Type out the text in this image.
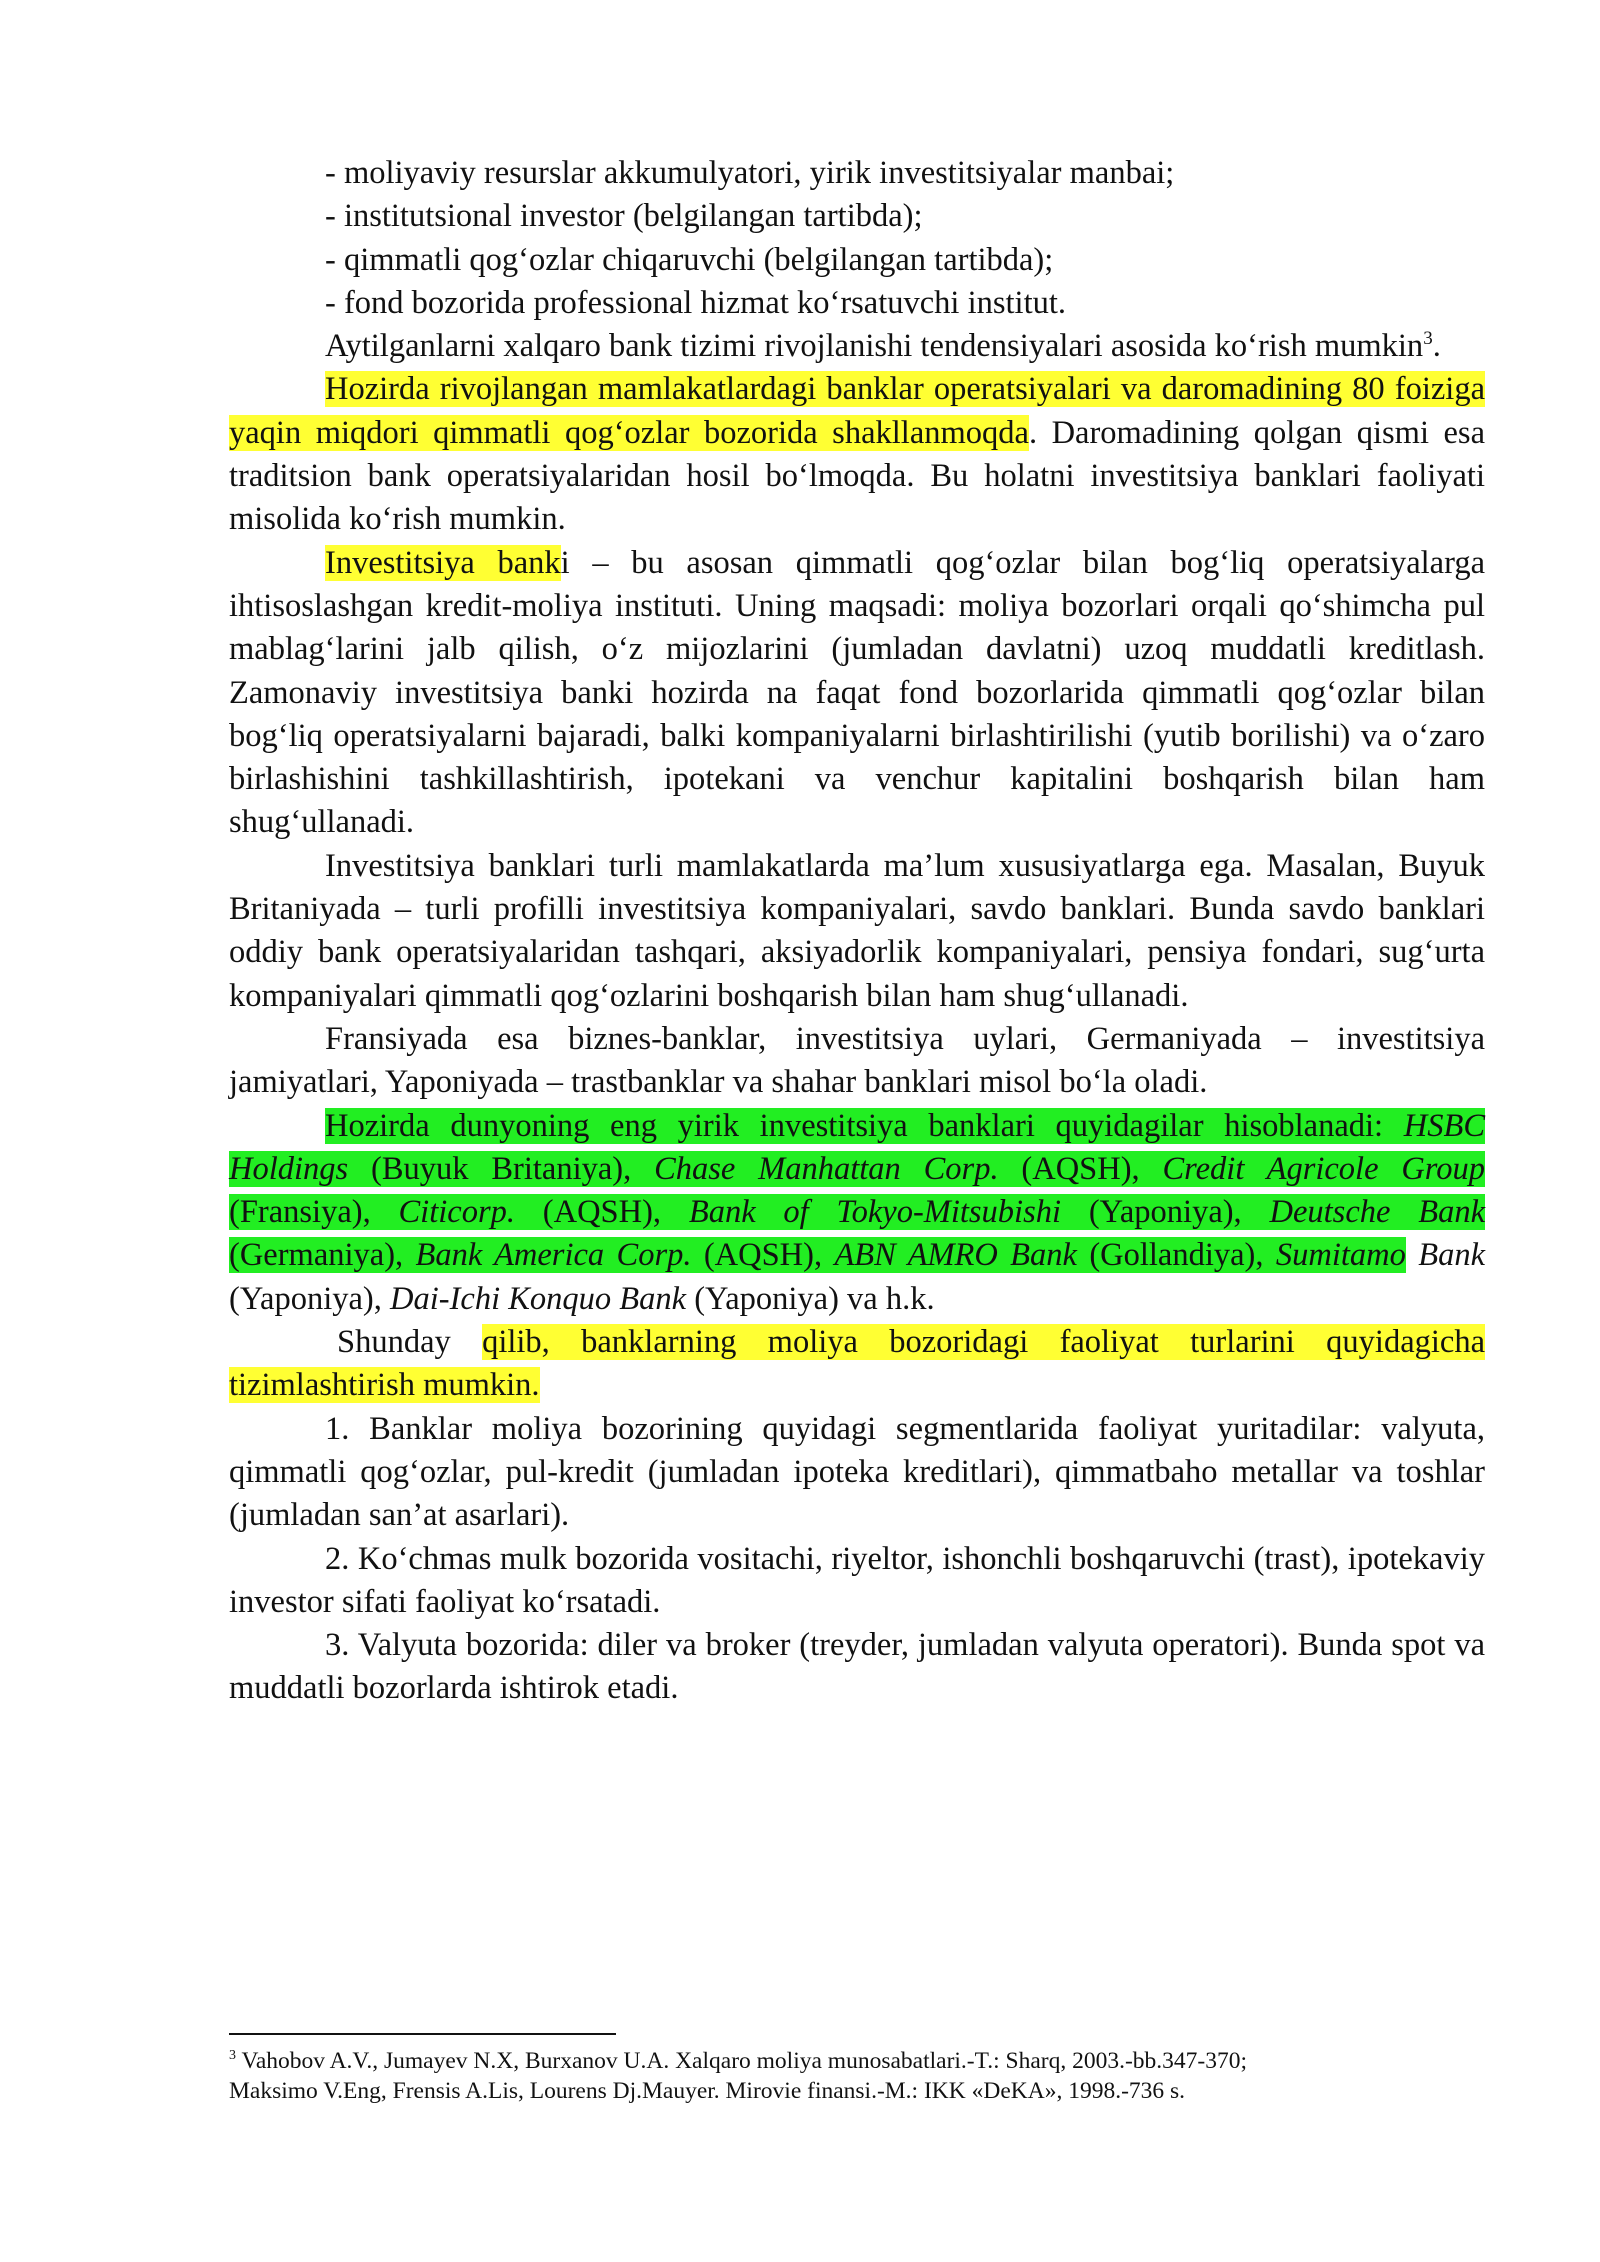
- moliyaviy resurslar akkumulyatori, yirik investitsiyalar manbai;

- institutsional investor (belgilangan tartibda);

- qimmatli qog‘ozlar chiqaruvchi (belgilangan tartibda);

- fond bozorida professional hizmat ko‘rsatuvchi institut.

Aytilganlarni xalqaro bank tizimi rivojlanishi tendensiyalari asosida ko‘rish mumkin$^3$.

Hozirda rivojlangan mamlakatlardagi banklar operatsiyalari va daromadining 80 foiziga yaqin miqdori qimmatli qog‘ozlar bozorida shakllanmoqda. Daromadining qolgan qismi esa traditsion bank operatsiyalaridan hosil bo‘lmoqda. Bu holatni investitsiya banklari faoliyati misolida ko‘rish mumkin.

Investitsiya banki – bu asosan qimmatli qog‘ozlar bilan bog‘liq operatsiyalarga ihtisoslashgan kredit-moliya instituti. Uning maqsadi: moliya bozorlari orqali qo‘shimcha pul mablag‘larini jalb qilish, o‘z mijozlarini (jumladan davlatni) uzoq muddatli kreditlash. Zamonaviy investitsiya banki hozirda na faqat fond bozorlarida qimmatli qog‘ozlar bilan bog‘liq operatsiyalarni bajaradi, balki kompaniyalarni birlashtirilishi (yutib borilishi) va o‘zaro birlashishini tashkillashtirish, ipotekani va venchur kapitalini boshqarish bilan ham shug‘ullanadi.

Investitsiya banklari turli mamlakatlarda ma’lum xususiyatlarga ega. Masalan, Buyuk Britaniyada – turli profilli investitsiya kompaniyalari, savdo banklari. Bunda savdo banklari oddiy bank operatsiyalaridan tashqari, aksiyadorlik kompaniyalari, pensiya fondari, sug‘urta kompaniyalari qimmatli qog‘ozlarini boshqarish bilan ham shug‘ullanadi.

Fransiyada esa biznes-banklar, investitsiya uylari, Germaniyada – investitsiya jamiyatlari, Yaponiyada – trastbanklar va shahar banklari misol bo‘la oladi.

Hozirda dunyoning eng yirik investitsiya banklari quyidagilar hisoblanadi: HSBC Holdings (Buyuk Britaniya), Chase Manhattan Corp. (AQSH), Credit Agricole Group (Fransiya), Citicorp. (AQSH), Bank of Tokyo-Mitsubishi (Yaponiya), Deutsche Bank (Germaniya), Bank America Corp. (AQSH), ABN AMRO Bank (Gollandiya), Sumitamo Bank (Yaponiya), Dai-Ichi Konquo Bank (Yaponiya) va h.k.

Shunday qilib, banklarning moliya bozoridagi faoliyat turlarini quyidagicha tizimlashtirish mumkin.

1. Banklar moliya bozorining quyidagi segmentlarida faoliyat yuritadilar: valyuta, qimmatli qog‘ozlar, pul-kredit (jumladan ipoteka kreditlari), qimmatbaho metallar va toshlar (jumladan san’at asarlari).

2. Ko‘chmas mulk bozorida vositachi, riyeltor, ishonchli boshqaruvchi (trast), ipotekaviy investor sifati faoliyat ko‘rsatadi.

3. Valyuta bozorida: diler va broker (treyder, jumladan valyuta operatori). Bunda spot va muddatli bozorlarda ishtirok etadi.

$^3$ Vahobov A.V., Jumayev N.X, Burxanov U.A. Xalqaro moliya munosabatlari.-T.: Sharq, 2003.-bb.347-370;

Maksimo V.Eng, Frensis A.Lis, Lourens Dj.Mauyer. Mirovie finansi.-M.: IKK «DeKA», 1998.-736 s.
